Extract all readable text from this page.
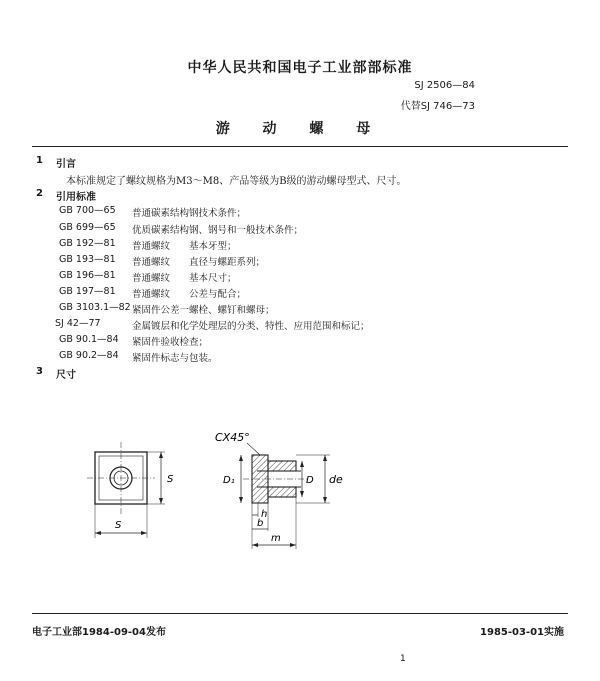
中华人民共和国电子工业部部标准
SJ 2506—84
代替SJ 746—73
游 动 螺 母
1 引言
本标准规定了螺纹规格为M3～M8、产品等级为B级的游动螺母型式、尺寸。
2 引用标准
GB 700—65 普通碳素结构钢技术条件；
GB 699—65 优质碳素结构钢、钢号和一般技术条件；
GB 192—81 普通螺纹　　基本牙型；
GB 193—81 普通螺纹　　直径与螺距系列；
GB 196—81 普通螺纹　　基本尺寸；
GB 197—81 普通螺纹　　公差与配合；
GB 3103.1—82 紧固件公差一螺栓、螺钉和螺母；
SJ 42—77	金属镀层和化学处理层的分类、特性、应用范围和标记；
GB 90.1—84 紧固件验收检查；
GB 90.2—84 紧固件标志与包装。
3 尺寸
S
S
CX45°
D₁	D de
h
b
m
电子工业部1984-09-04发布	1985-03-01实施
1
